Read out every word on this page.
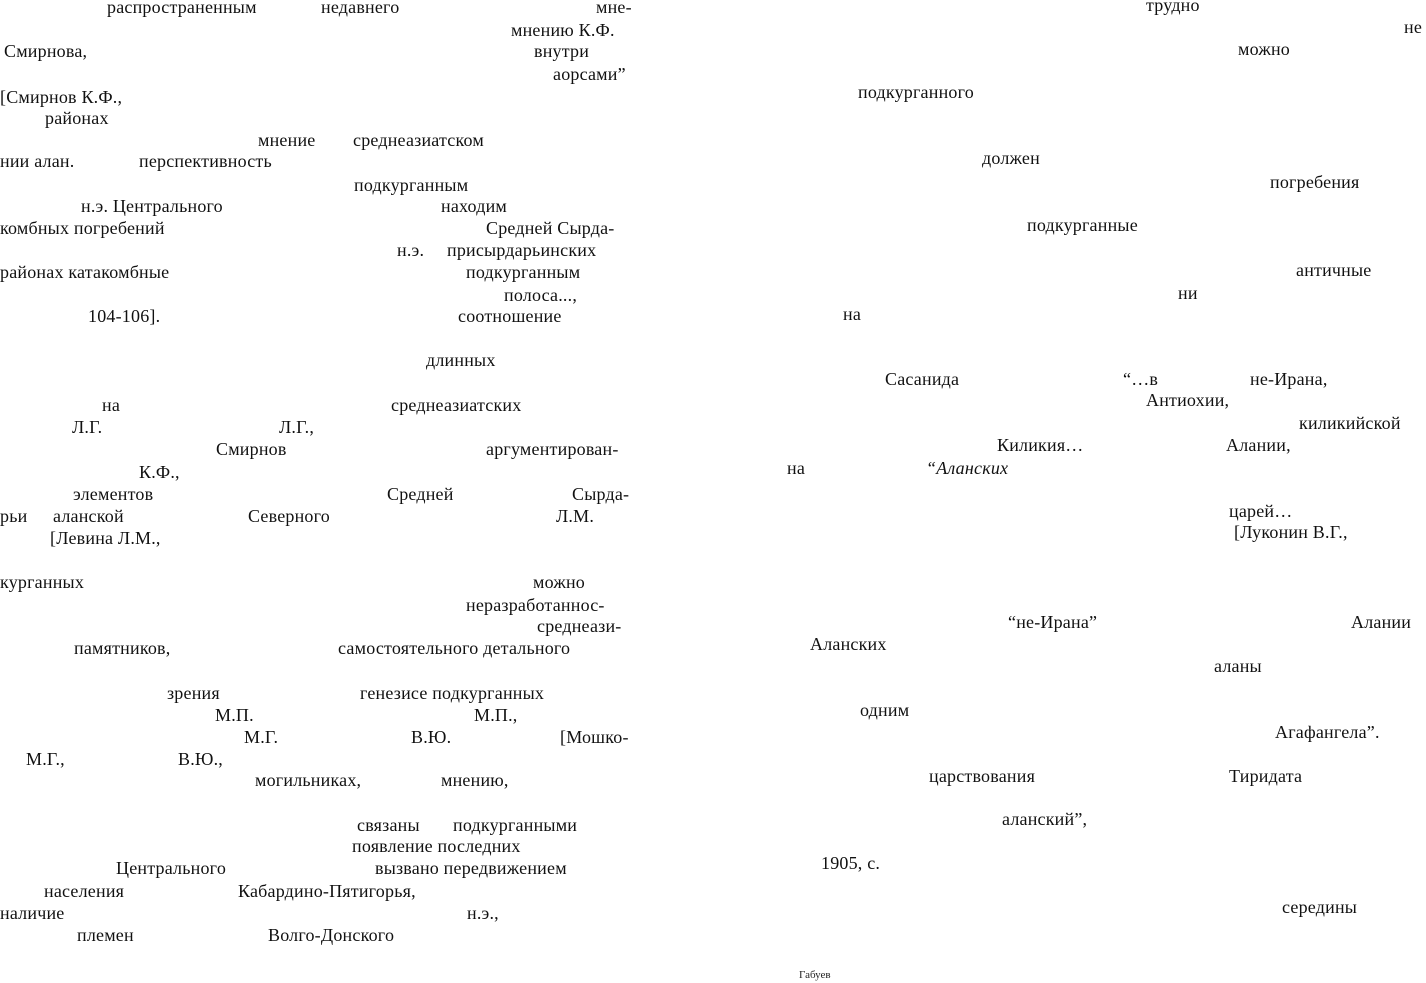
распространенным	недавнего	мне-
мнению К.Ф.
Смирнова,	внутри
аорсами”
[Смирнов К.Ф.,
районах
мнение среднеазиатском
нии алан.	перспективность
подкурганным
н.э. Центрального	находим
комбных погребений	Средней Сырда-
н.э. присырдарьинских
районах катакомбные	подкурганным
полоса...,
104-106].	соотношение
длинных
на	среднеазиатских
Л.Г.	Л.Г.,
Смирнов	аргументирован-
К.Ф.,
элементов	Средней	Сырда-
рьи аланской	Северного	Л.М.
[Левина Л.М.,
курганных	можно
неразработаннос-
среднеази-
памятников,	самостоятельного детального
зрения	генезисе подкурганных
М.П.	М.П.,
М.Г.	В.Ю.	[Мошко-
М.Г.,	В.Ю.,
могильниках,	мнению,
связаны подкурганными
появление последних
Центрального	вызвано передвижением
населения	Кабардино-Пятигорья,
наличие	н.э.,
племен	Волго-Донского
трудно
не
можно
подкурганного
должен
погребения
подкурганные
античные
ни
на
Сасанида	“…в	не-Ирана,
Антиохии,
киликийской
Киликия…	Алании,
на	“Аланских
царей…
[Луконин В.Г.,
“не-Ирана”	Алании
Аланских
аланы
одним
Агафангела”.
царствования	Тиридата
аланский”,
1905, с.
середины
Габуев
